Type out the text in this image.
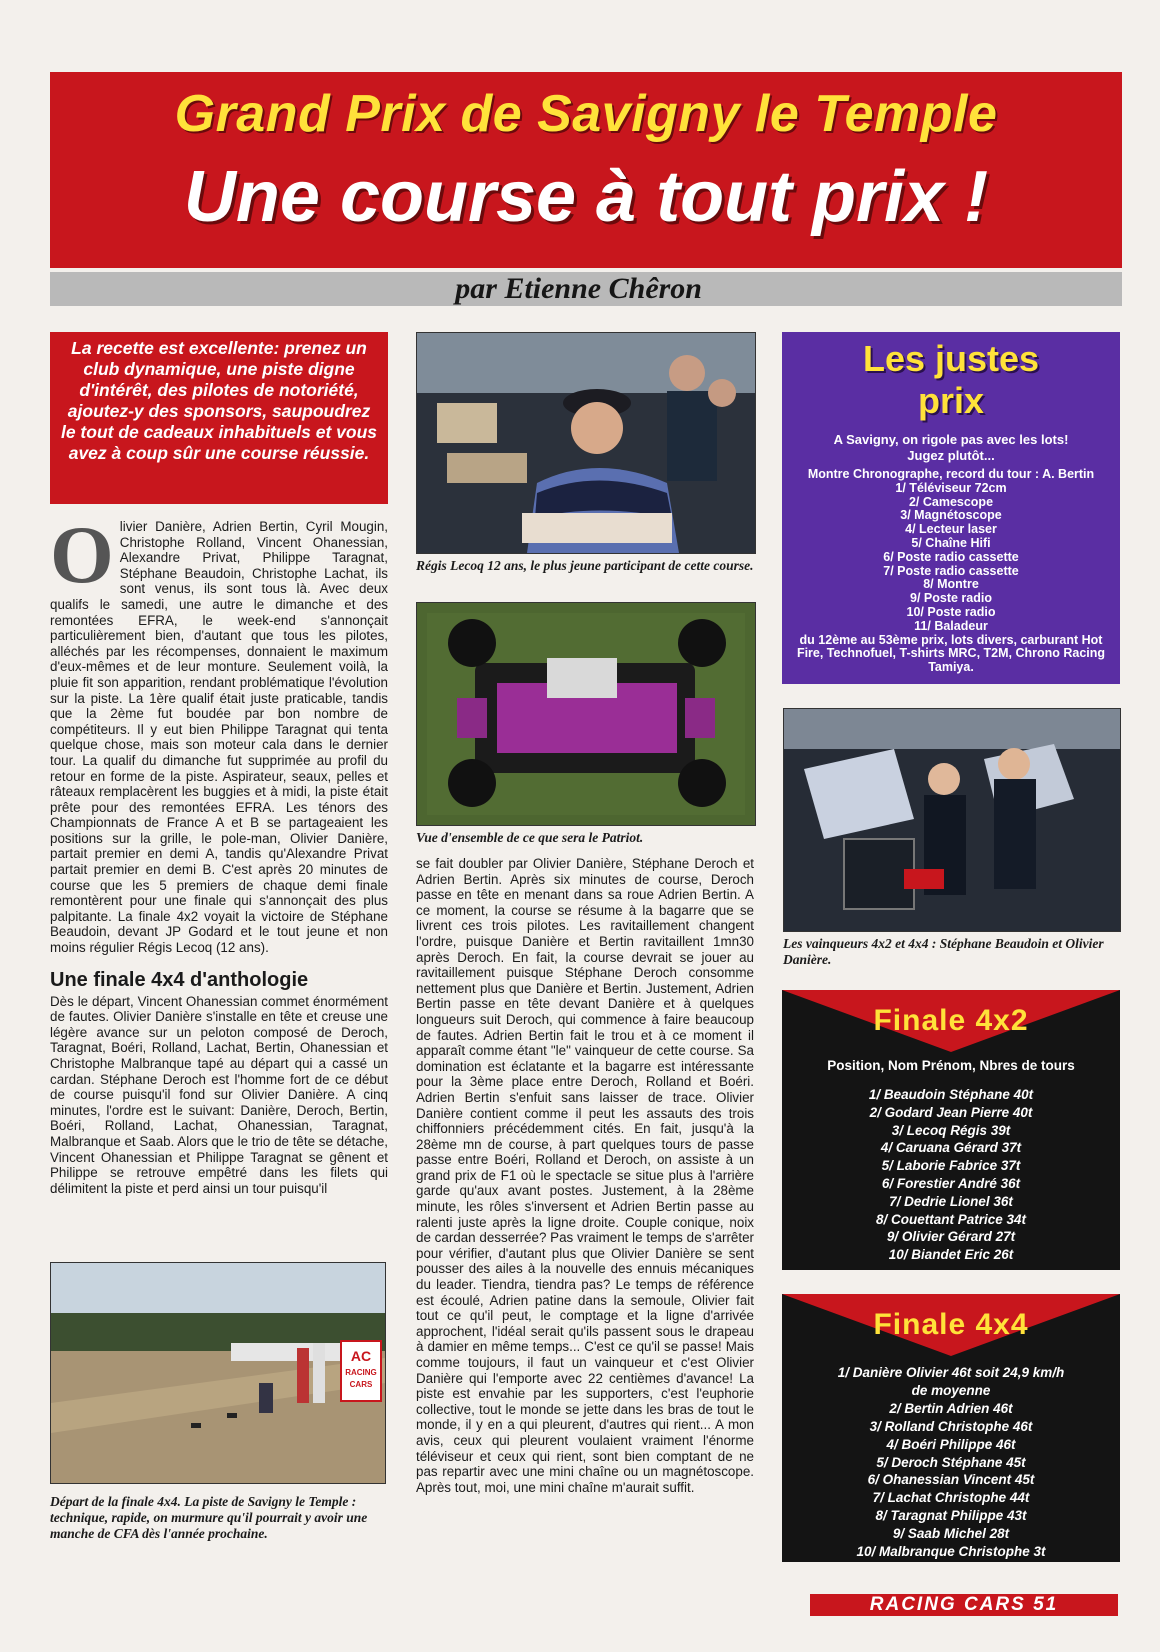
Grand Prix de Savigny le Temple
Une course à tout prix !
par Etienne Chêron
La recette est excellente: prenez un club dynamique, une piste digne d'intérêt, des pilotes de notoriété, ajoutez-y des sponsors, saupoudrez le tout de cadeaux inhabituels et vous avez à coup sûr une course réussie.
O livier Danière, Adrien Bertin, Cyril Mougin, Christophe Rolland, Vincent Ohanessian, Alexandre Privat, Philippe Taragnat, Stéphane Beaudoin, Christophe Lachat, ils sont venus, ils sont tous là. Avec deux qualifs le samedi, une autre le dimanche et des remontées EFRA, le week-end s'annonçait particulièrement bien, d'autant que tous les pilotes, alléchés par les récompenses, donnaient le maximum d'eux-mêmes et de leur monture. Seulement voilà, la pluie fit son apparition, rendant problématique l'évolution sur la piste. La 1ère qualif était juste praticable, tandis que la 2ème fut boudée par bon nombre de compétiteurs. Il y eut bien Philippe Taragnat qui tenta quelque chose, mais son moteur cala dans le dernier tour. La qualif du dimanche fut supprimée au profil du retour en forme de la piste. Aspirateur, seaux, pelles et râteaux remplacèrent les buggies et à midi, la piste était prête pour des remontées EFRA. Les ténors des Championnats de France A et B se partageaient les positions sur la grille, le pole-man, Olivier Danière, partait premier en demi A, tandis qu'Alexandre Privat partait premier en demi B. C'est après 20 minutes de course que les 5 premiers de chaque demi finale remontèrent pour une finale qui s'annonçait des plus palpitante. La finale 4x2 voyait la victoire de Stéphane Beaudoin, devant JP Godard et le tout jeune et non moins régulier Régis Lecoq (12 ans).
Une finale 4x4 d'anthologie
Dès le départ, Vincent Ohanessian commet énormément de fautes. Olivier Danière s'installe en tête et creuse une légère avance sur un peloton composé de Deroch, Taragnat, Boéri, Rolland, Lachat, Bertin, Ohanessian et Christophe Malbranque tapé au départ qui a cassé un cardan. Stéphane Deroch est l'homme fort de ce début de course puisqu'il fond sur Olivier Danière. A cinq minutes, l'ordre est le suivant: Danière, Deroch, Bertin, Boéri, Rolland, Lachat, Ohanessian, Taragnat, Malbranque et Saab. Alors que le trio de tête se détache, Vincent Ohanessian et Philippe Taragnat se gênent et Philippe se retrouve empêtré dans les filets qui délimitent la piste et perd ainsi un tour puisqu'il
se fait doubler par Olivier Danière, Stéphane Deroch et Adrien Bertin. Après six minutes de course, Deroch passe en tête en menant dans sa roue Adrien Bertin. A ce moment, la course se résume à la bagarre que se livrent ces trois pilotes. Les ravitaillement changent l'ordre, puisque Danière et Bertin ravitaillent 1mn30 après Deroch. En fait, la course devrait se jouer au ravitaillement puisque Stéphane Deroch consomme nettement plus que Danière et Bertin. Justement, Adrien Bertin passe en tête devant Danière et à quelques longueurs suit Deroch, qui commence à faire beaucoup de fautes. Adrien Bertin fait le trou et à ce moment il apparaît comme étant "le" vainqueur de cette course. Sa domination est éclatante et la bagarre est intéressante pour la 3ème place entre Deroch, Rolland et Boéri. Adrien Bertin s'enfuit sans laisser de trace. Olivier Danière contient comme il peut les assauts des trois chiffonniers précédemment cités. En fait, jusqu'à la 28ème mn de course, à part quelques tours de passe passe entre Boéri, Rolland et Deroch, on assiste à un grand prix de F1 où le spectacle se situe plus à l'arrière garde qu'aux avant postes. Justement, à la 28ème minute, les rôles s'inversent et Adrien Bertin passe au ralenti juste après la ligne droite. Couple conique, noix de cardan desserrée? Pas vraiment le temps de s'arrêter pour vérifier, d'autant plus que Olivier Danière se sent pousser des ailes à la nouvelle des ennuis mécaniques du leader. Tiendra, tiendra pas? Le temps de référence est écoulé, Adrien patine dans la semoule, Olivier fait tout ce qu'il peut, le comptage et la ligne d'arrivée approchent, l'idéal serait qu'ils passent sous le drapeau à damier en même temps... C'est ce qu'il se passe! Mais comme toujours, il faut un vainqueur et c'est Olivier Danière qui l'emporte avec 22 centièmes d'avance! La piste est envahie par les supporters, c'est l'euphorie collective, tout le monde se jette dans les bras de tout le monde, il y en a qui pleurent, d'autres qui rient... A mon avis, ceux qui pleurent voulaient vraiment l'énorme téléviseur et ceux qui rient, sont bien comptant de ne pas repartir avec une mini chaîne ou un magnétoscope. Après tout, moi, une mini chaîne m'aurait suffit.
Régis Lecoq 12 ans, le plus jeune participant de cette course.
Vue d'ensemble de ce que sera le Patriot.
AC
RACING
CARS
Départ de la finale 4x4. La piste de Savigny le Temple : technique, rapide, on murmure qu'il pourrait y avoir une manche de CFA dès l'année prochaine.
Les vainqueurs 4x2 et 4x4 : Stéphane Beaudoin et Olivier Danière.
Les justes
prix
A Savigny, on rigole pas avec les lots!
Jugez plutôt...
Montre Chronographe, record du tour : A. Bertin
1/ Téléviseur 72cm
2/ Camescope
3/ Magnétoscope
4/ Lecteur laser
5/ Chaîne Hifi
6/ Poste radio cassette
7/ Poste radio cassette
8/ Montre
9/ Poste radio
10/ Poste radio
11/ Baladeur
du 12ème au 53ème prix, lots divers, carburant Hot Fire, Technofuel, T-shirts MRC, T2M, Chrono Racing Tamiya.
Finale 4x2
Position, Nom Prénom, Nbres de tours
1/ Beaudoin Stéphane 40t
2/ Godard Jean Pierre 40t
3/ Lecoq Régis 39t
4/ Caruana Gérard 37t
5/ Laborie Fabrice 37t
6/ Forestier André 36t
7/ Dedrie Lionel 36t
8/ Couettant Patrice 34t
9/ Olivier Gérard 27t
10/ Biandet Eric 26t
Finale 4x4
1/ Danière Olivier 46t soit 24,9 km/h
de moyenne
2/ Bertin Adrien 46t
3/ Rolland Christophe 46t
4/ Boéri Philippe 46t
5/ Deroch Stéphane 45t
6/ Ohanessian Vincent 45t
7/ Lachat Christophe 44t
8/ Taragnat Philippe 43t
9/ Saab Michel 28t
10/ Malbranque Christophe 3t
RACING CARS 51
